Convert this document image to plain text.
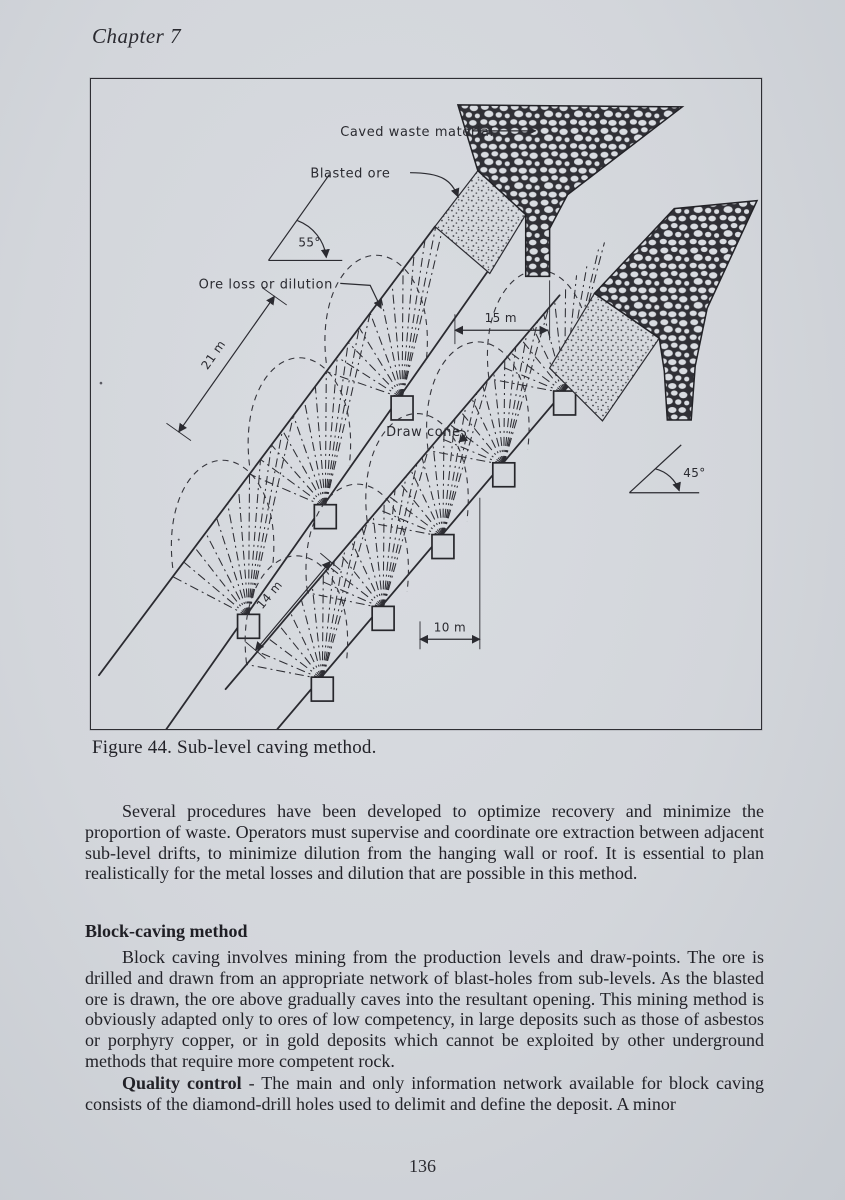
Chapter 7
Caved waste material
Blasted ore
Ore loss or dilution
Draw cone
55°
45°
21 m
15 m
14 m
10 m
Figure 44. Sub-level caving method.

Several procedures have been developed to optimize recovery and minimize the proportion of waste. Operators must supervise and coordinate ore extraction between adjacent sub-level drifts, to minimize dilution from the hanging wall or roof. It is essential to plan realistically for the metal losses and dilution that are possible in this method.

Block-caving method

Block caving involves mining from the production levels and draw-points. The ore is drilled and drawn from an appropriate network of blast-holes from sub-levels. As the blasted ore is drawn, the ore above gradually caves into the resultant opening. This mining method is obviously adapted only to ores of low competency, in large deposits such as those of asbestos or porphyry copper, or in gold deposits which cannot be exploited by other underground methods that require more competent rock.

Quality control - The main and only information network available for block caving consists of the diamond-drill holes used to delimit and define the deposit. A minor

136
